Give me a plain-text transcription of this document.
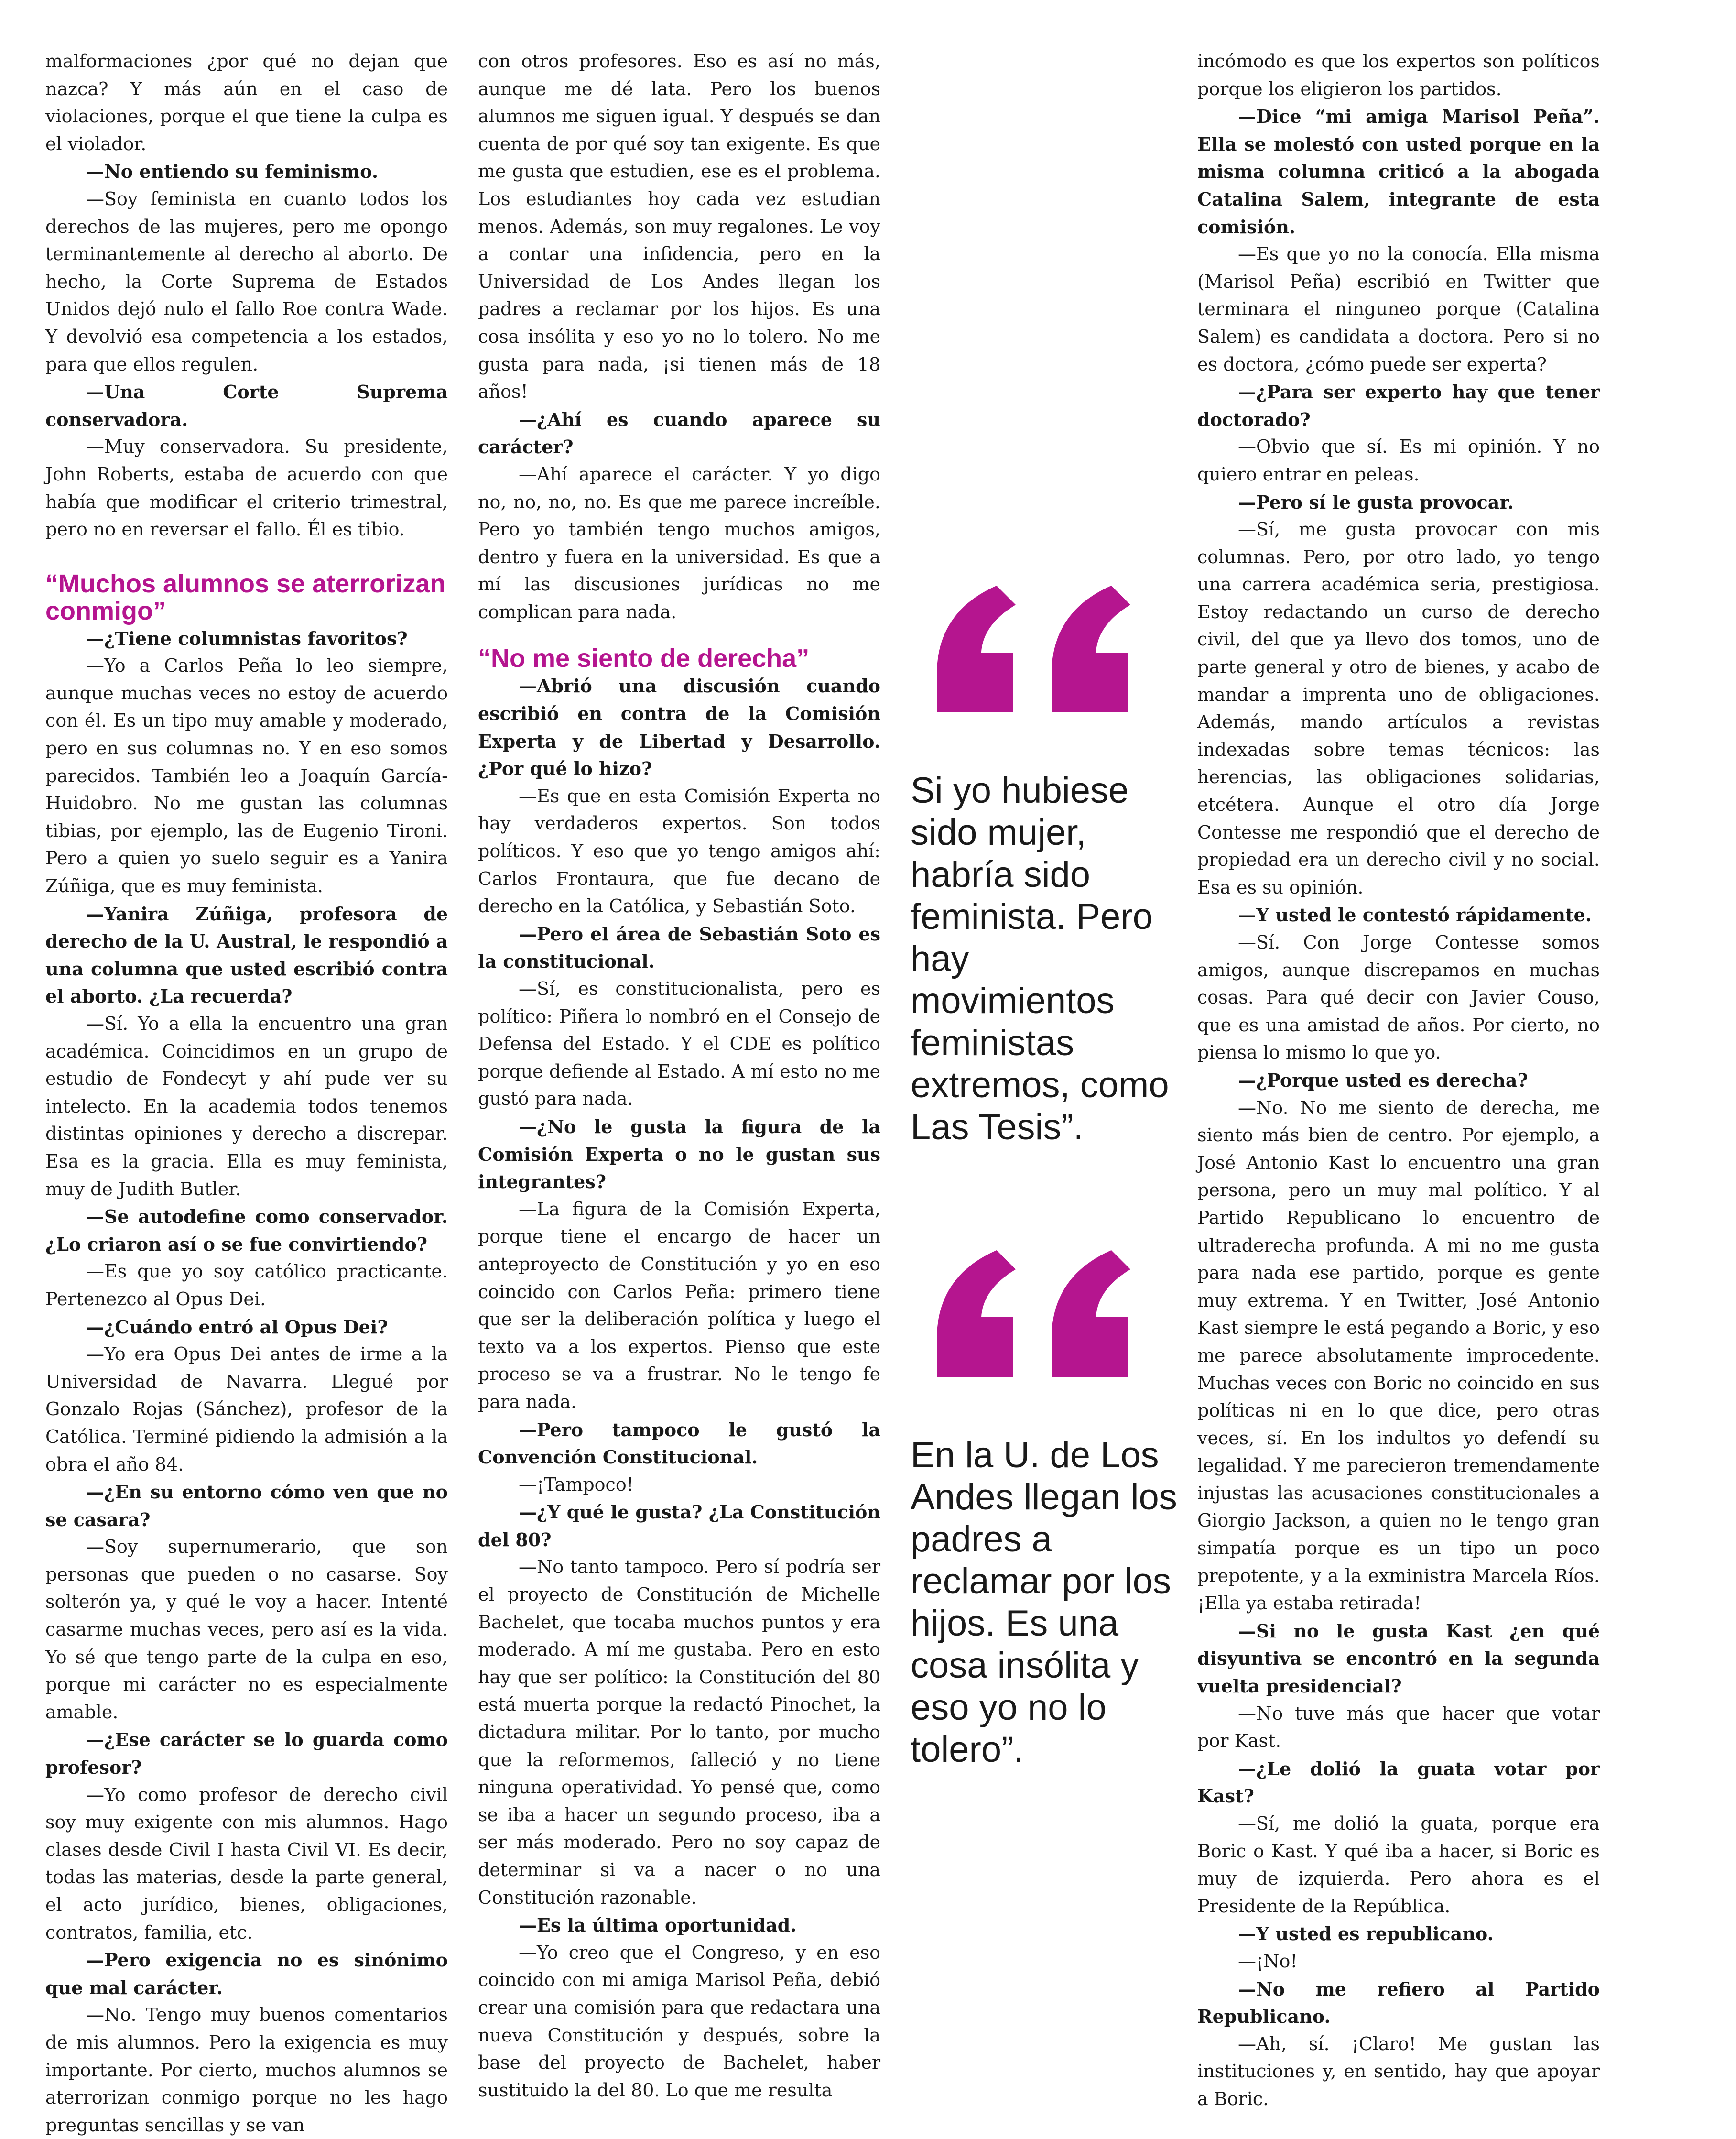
malformaciones ¿por qué no dejan que nazca? Y más aún en el caso de violaciones, porque el que tiene la culpa es el violador.

—No entiendo su feminismo.

—Soy feminista en cuanto todos los derechos de las mujeres, pero me opongo terminantemente al derecho al aborto. De hecho, la Corte Suprema de Estados Unidos dejó nulo el fallo Roe contra Wade. Y devolvió esa competencia a los estados, para que ellos regulen.

—Una Corte Suprema conservadora.

—Muy conservadora. Su presidente, John Roberts, estaba de acuerdo con que había que modificar el criterio trimestral, pero no en reversar el fallo. Él es tibio.

“Muchos alumnos se aterrorizan conmigo”

—¿Tiene columnistas favoritos?

—Yo a Carlos Peña lo leo siempre, aunque muchas veces no estoy de acuerdo con él. Es un tipo muy amable y moderado, pero en sus columnas no. Y en eso somos parecidos. También leo a Joaquín García-Huidobro. No me gustan las columnas tibias, por ejemplo, las de Eugenio Tironi. Pero a quien yo suelo seguir es a Yanira Zúñiga, que es muy feminista.

—Yanira Zúñiga, profesora de derecho de la U. Austral, le respondió a una columna que usted escribió contra el aborto. ¿La recuerda?

—Sí. Yo a ella la encuentro una gran académica. Coincidimos en un grupo de estudio de Fondecyt y ahí pude ver su intelecto. En la academia todos tenemos distintas opiniones y derecho a discrepar. Esa es la gracia. Ella es muy feminista, muy de Judith Butler.

—Se autodefine como conservador. ¿Lo criaron así o se fue convirtiendo?

—Es que yo soy católico practicante. Pertenezco al Opus Dei.

—¿Cuándo entró al Opus Dei?

—Yo era Opus Dei antes de irme a la Universidad de Navarra. Llegué por Gonzalo Rojas (Sánchez), profesor de la Católica. Terminé pidiendo la admisión a la obra el año 84.

—¿En su entorno cómo ven que no se casara?

—Soy supernumerario, que son personas que pueden o no casarse. Soy solterón ya, y qué le voy a hacer. Intenté casarme muchas veces, pero así es la vida. Yo sé que tengo parte de la culpa en eso, porque mi carácter no es especialmente amable.

—¿Ese carácter se lo guarda como profesor?

—Yo como profesor de derecho civil soy muy exigente con mis alumnos. Hago clases desde Civil I hasta Civil VI. Es decir, todas las materias, desde la parte general, el acto jurídico, bienes, obligaciones, contratos, familia, etc.

—Pero exigencia no es sinónimo que mal carácter.

—No. Tengo muy buenos comentarios de mis alumnos. Pero la exigencia es muy importante. Por cierto, muchos alumnos se aterrorizan conmigo porque no les hago preguntas sencillas y se van

con otros profesores. Eso es así no más, aunque me dé lata. Pero los buenos alumnos me siguen igual. Y después se dan cuenta de por qué soy tan exigente. Es que me gusta que estudien, ese es el problema. Los estudiantes hoy cada vez estudian menos. Además, son muy regalones. Le voy a contar una infidencia, pero en la Universidad de Los Andes llegan los padres a reclamar por los hijos. Es una cosa insólita y eso yo no lo tolero. No me gusta para nada, ¡si tienen más de 18 años!

—¿Ahí es cuando aparece su carácter?

—Ahí aparece el carácter. Y yo digo no, no, no, no. Es que me parece increíble. Pero yo también tengo muchos amigos, dentro y fuera en la universidad. Es que a mí las discusiones jurídicas no me complican para nada.

“No me siento de derecha”

—Abrió una discusión cuando escribió en contra de la Comisión Experta y de Libertad y Desarrollo. ¿Por qué lo hizo?

—Es que en esta Comisión Experta no hay verdaderos expertos. Son todos políticos. Y eso que yo tengo amigos ahí: Carlos Frontaura, que fue decano de derecho en la Católica, y Sebastián Soto.

—Pero el área de Sebastián Soto es la constitucional.

—Sí, es constitucionalista, pero es político: Piñera lo nombró en el Consejo de Defensa del Estado. Y el CDE es político porque defiende al Estado. A mí esto no me gustó para nada.

—¿No le gusta la figura de la Comisión Experta o no le gustan sus integrantes?

—La figura de la Comisión Experta, porque tiene el encargo de hacer un anteproyecto de Constitución y yo en eso coincido con Carlos Peña: primero tiene que ser la deliberación política y luego el texto va a los expertos. Pienso que este proceso se va a frustrar. No le tengo fe para nada.

—Pero tampoco le gustó la Convención Constitucional.

—¡Tampoco!

—¿Y qué le gusta? ¿La Constitución del 80?

—No tanto tampoco. Pero sí podría ser el proyecto de Constitución de Michelle Bachelet, que tocaba muchos puntos y era moderado. A mí me gustaba. Pero en esto hay que ser político: la Constitución del 80 está muerta porque la redactó Pinochet, la dictadura militar. Por lo tanto, por mucho que la reformemos, falleció y no tiene ninguna operatividad. Yo pensé que, como se iba a hacer un segundo proceso, iba a ser más moderado. Pero no soy capaz de determinar si va a nacer o no una Constitución razonable.

—Es la última oportunidad.

—Yo creo que el Congreso, y en eso coincido con mi amiga Marisol Peña, debió crear una comisión para que redactara una nueva Constitución y después, sobre la base del proyecto de Bachelet, haber sustituido la del 80. Lo que me resulta

incómodo es que los expertos son políticos porque los eligieron los partidos.

—Dice “mi amiga Marisol Peña”. Ella se molestó con usted porque en la misma columna criticó a la abogada Catalina Salem, integrante de esta comisión.

—Es que yo no la conocía. Ella misma (Marisol Peña) escribió en Twitter que terminara el ninguneo porque (Catalina Salem) es candidata a doctora. Pero si no es doctora, ¿cómo puede ser experta?

—¿Para ser experto hay que tener doctorado?

—Obvio que sí. Es mi opinión. Y no quiero entrar en peleas.

—Pero sí le gusta provocar.

—Sí, me gusta provocar con mis columnas. Pero, por otro lado, yo tengo una carrera académica seria, prestigiosa. Estoy redactando un curso de derecho civil, del que ya llevo dos tomos, uno de parte general y otro de bienes, y acabo de mandar a imprenta uno de obligaciones. Además, mando artículos a revistas indexadas sobre temas técnicos: las herencias, las obligaciones solidarias, etcétera. Aunque el otro día Jorge Contesse me respondió que el derecho de propiedad era un derecho civil y no social. Esa es su opinión.

—Y usted le contestó rápidamente.

—Sí. Con Jorge Contesse somos amigos, aunque discrepamos en muchas cosas. Para qué decir con Javier Couso, que es una amistad de años. Por cierto, no piensa lo mismo lo que yo.

—¿Porque usted es derecha?

—No. No me siento de derecha, me siento más bien de centro. Por ejemplo, a José Antonio Kast lo encuentro una gran persona, pero un muy mal político. Y al Partido Republicano lo encuentro de ultraderecha profunda. A mi no me gusta para nada ese partido, porque es gente muy extrema. Y en Twitter, José Antonio Kast siempre le está pegando a Boric, y eso me parece absolutamente improcedente. Muchas veces con Boric no coincido en sus políticas ni en lo que dice, pero otras veces, sí. En los indultos yo defendí su legalidad. Y me parecieron tremendamente injustas las acusaciones constitucionales a Giorgio Jackson, a quien no le tengo gran simpatía porque es un tipo un poco prepotente, y a la exministra Marcela Ríos. ¡Ella ya estaba retirada!

—Si no le gusta Kast ¿en qué disyuntiva se encontró en la segunda vuelta presidencial?

—No tuve más que hacer que votar por Kast.

—¿Le dolió la guata votar por Kast?

—Sí, me dolió la guata, porque era Boric o Kast. Y qué iba a hacer, si Boric es muy de izquierda. Pero ahora es el Presidente de la República.

—Y usted es republicano.

—¡No!

—No me refiero al Partido Republicano.

—Ah, sí. ¡Claro! Me gustan las instituciones y, en sentido, hay que apoyar a Boric.

Si yo hubiese sido mujer, habría sido feminista. Pero hay movimientos feministas extremos, como Las Tesis”.

En la U. de Los Andes llegan los padres a reclamar por los hijos. Es una cosa insólita y eso yo no lo tolero”.
